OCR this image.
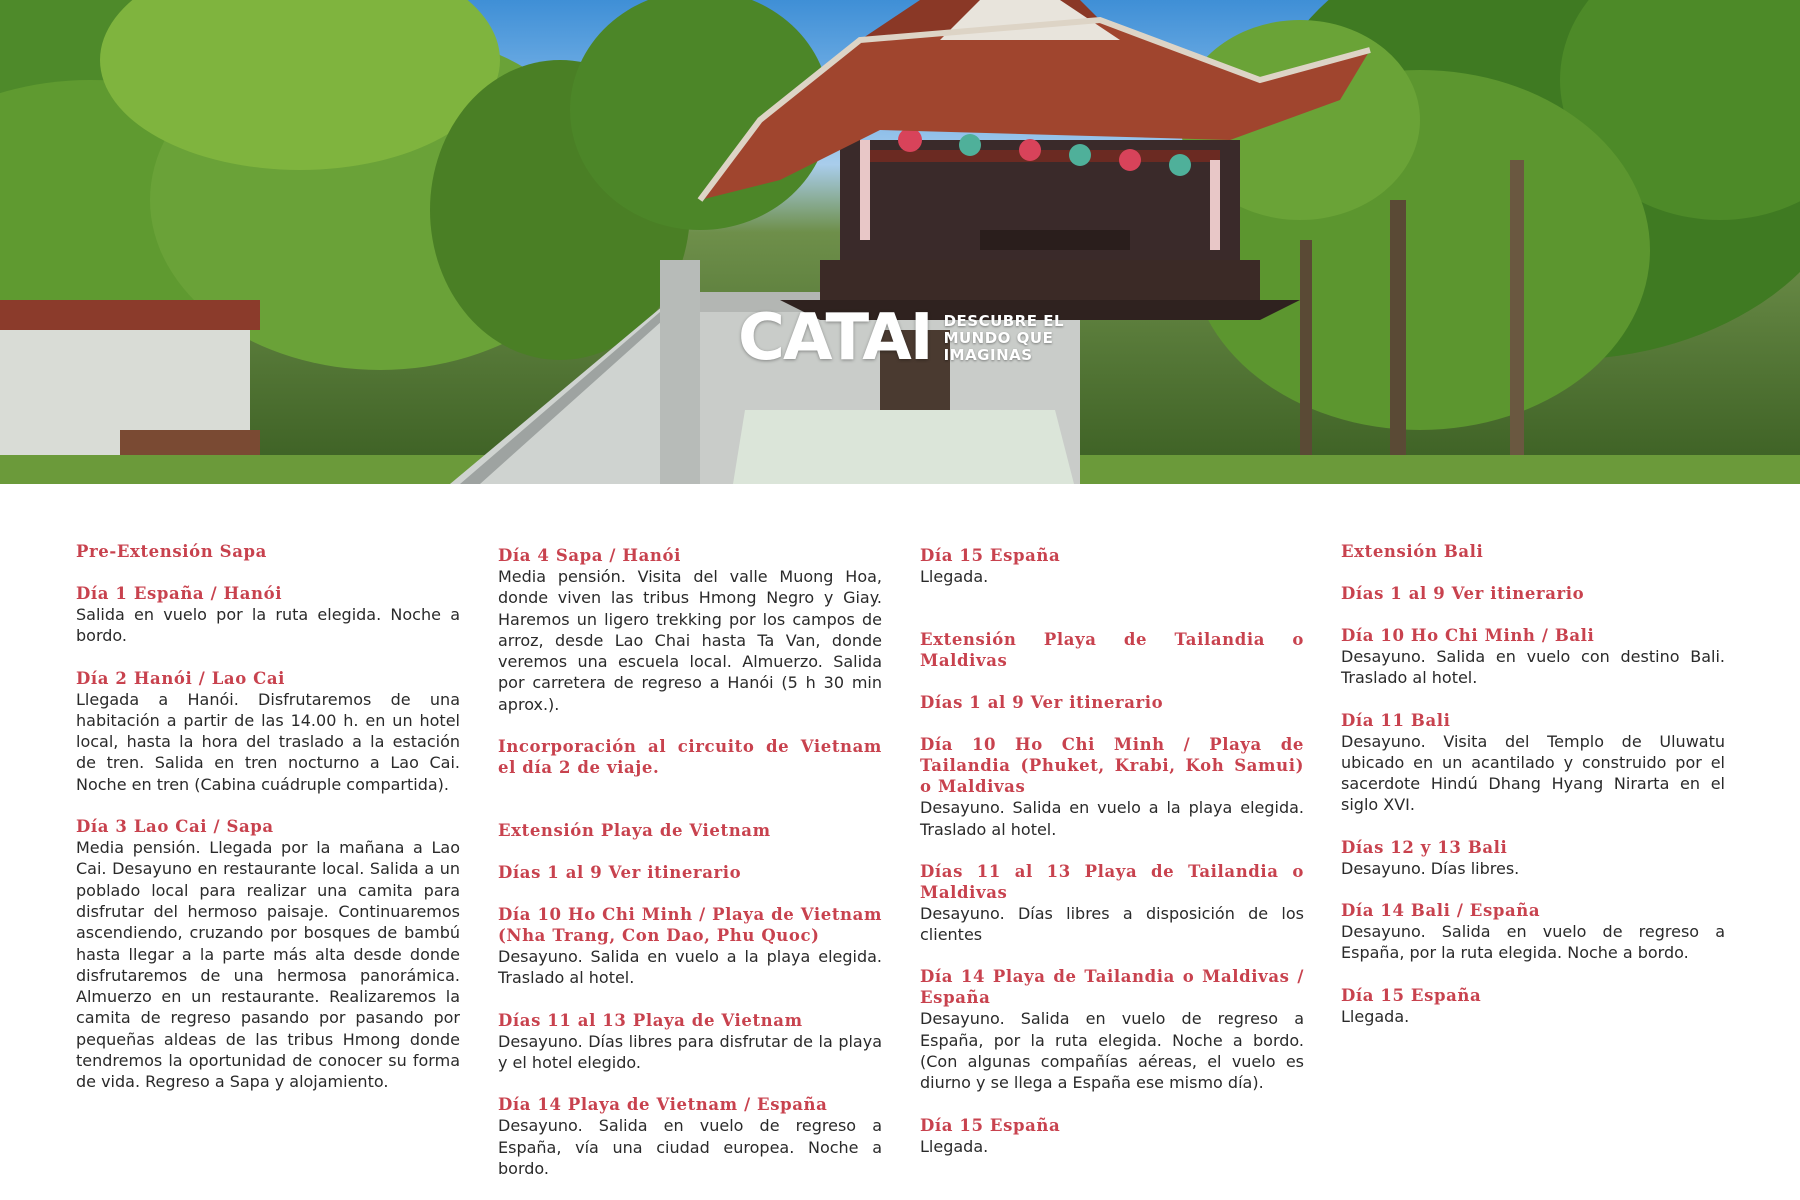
CATAI DESCUBRE EL
MUNDO QUE
IMAGINAS

Pre-Extensión Sapa

Día 1 España / Hanói

Salida en vuelo por la ruta elegida. Noche a bordo.

Día 2 Hanói / Lao Cai

Llegada a Hanói. Disfrutaremos de una habitación a partir de las 14.00 h. en un hotel local, hasta la hora del traslado a la estación de tren. Salida en tren nocturno a Lao Cai. Noche en tren (Cabina cuádruple compartida).

Día 3 Lao Cai / Sapa

Media pensión. Llegada por la mañana a Lao Cai. Desayuno en restaurante local. Salida a un poblado local para realizar una camita para disfrutar del hermoso paisaje. Continuaremos ascendiendo, cruzando por bosques de bambú hasta llegar a la parte más alta desde donde disfrutaremos de una hermosa panorámica. Almuerzo en un restaurante. Realizaremos la camita de regreso pasando por pasando por pequeñas aldeas de las tribus Hmong donde tendremos la oportunidad de conocer su forma de vida. Regreso a Sapa y alojamiento.

Día 4 Sapa / Hanói

Media pensión. Visita del valle Muong Hoa, donde viven las tribus Hmong Negro y Giay. Haremos un ligero trekking por los campos de arroz, desde Lao Chai hasta Ta Van, donde veremos una escuela local. Almuerzo. Salida por carretera de regreso a Hanói (5 h 30 min aprox.).

Incorporación al circuito de Vietnam el día 2 de viaje.

Extensión Playa de Vietnam

Días 1 al 9 Ver itinerario

Día 10 Ho Chi Minh / Playa de Vietnam (Nha Trang, Con Dao, Phu Quoc)

Desayuno. Salida en vuelo a la playa elegida. Traslado al hotel.

Días 11 al 13 Playa de Vietnam

Desayuno. Días libres para disfrutar de la playa y el hotel elegido.

Día 14 Playa de Vietnam / España

Desayuno. Salida en vuelo de regreso a España, vía una ciudad europea. Noche a bordo.

Día 15 España

Llegada.

Extensión Playa de Tailandia o Maldivas

Días 1 al 9 Ver itinerario

Día 10 Ho Chi Minh / Playa de Tailandia (Phuket, Krabi, Koh Samui) o Maldivas

Desayuno. Salida en vuelo a la playa elegida. Traslado al hotel.

Días 11 al 13 Playa de Tailandia o Maldivas

Desayuno. Días libres a disposición de los clientes

Día 14 Playa de Tailandia o Maldivas / España

Desayuno. Salida en vuelo de regreso a España, por la ruta elegida. Noche a bordo. (Con algunas compañías aéreas, el vuelo es diurno y se llega a España ese mismo día).

Día 15 España

Llegada.

Extensión Bali

Días 1 al 9 Ver itinerario

Día 10 Ho Chi Minh / Bali

Desayuno. Salida en vuelo con destino Bali. Traslado al hotel.

Día 11 Bali

Desayuno. Visita del Templo de Uluwatu ubicado en un acantilado y construido por el sacerdote Hindú Dhang Hyang Nirarta en el siglo XVI.

Días 12 y 13 Bali

Desayuno. Días libres.

Día 14 Bali / España

Desayuno. Salida en vuelo de regreso a España, por la ruta elegida. Noche a bordo.

Día 15 España

Llegada.
